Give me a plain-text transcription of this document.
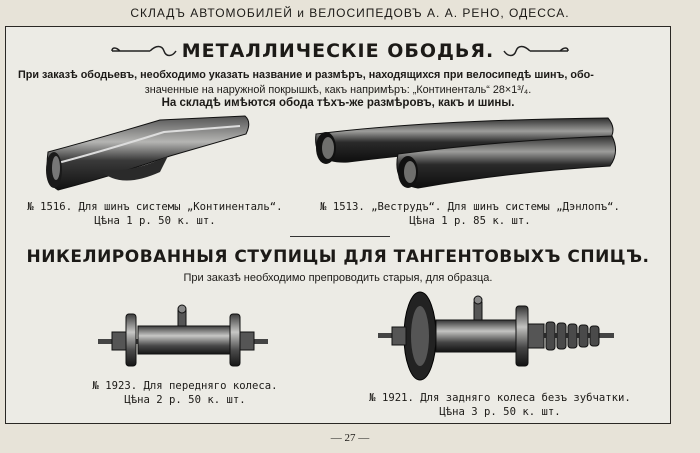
СКЛАДЪ АВТОМОБИЛЕЙ и ВЕЛОСИПЕДОВЪ А. А. РЕНО, ОДЕССА.
МЕТАЛЛИЧЕСКІЕ ОБОДЬЯ.
При заказѣ ободьевъ, необходимо указать название и размѣръ, находящихся при велосипедѣ шинъ, обо-

значенные на наружной покрышкѣ, какъ напримѣръ: „Континенталь“ 28×1³/₄.
На складѣ имѣются обода тѣхъ-же размѣровъ, какъ и шины.
№ 1516. Для шинъ системы „Континенталь“.
Цѣна 1 р. 50 к. шт.
№ 1513. „Веструдъ“. Для шинъ системы „Дэнлопъ“.
Цѣна 1 р. 85 к. шт.
НИКЕЛИРОВАННЫЯ СТУПИЦЫ ДЛЯ ТАНГЕНТОВЫХЪ СПИЦЪ.
При заказѣ необходимо препроводить старыя, для образца.
№ 1923. Для передняго колеса.
Цѣна 2 р. 50 к. шт.	№ 1921. Для задняго колеса безъ зубчатки.
Цѣна 3 р. 50 к. шт.
— 27 —
